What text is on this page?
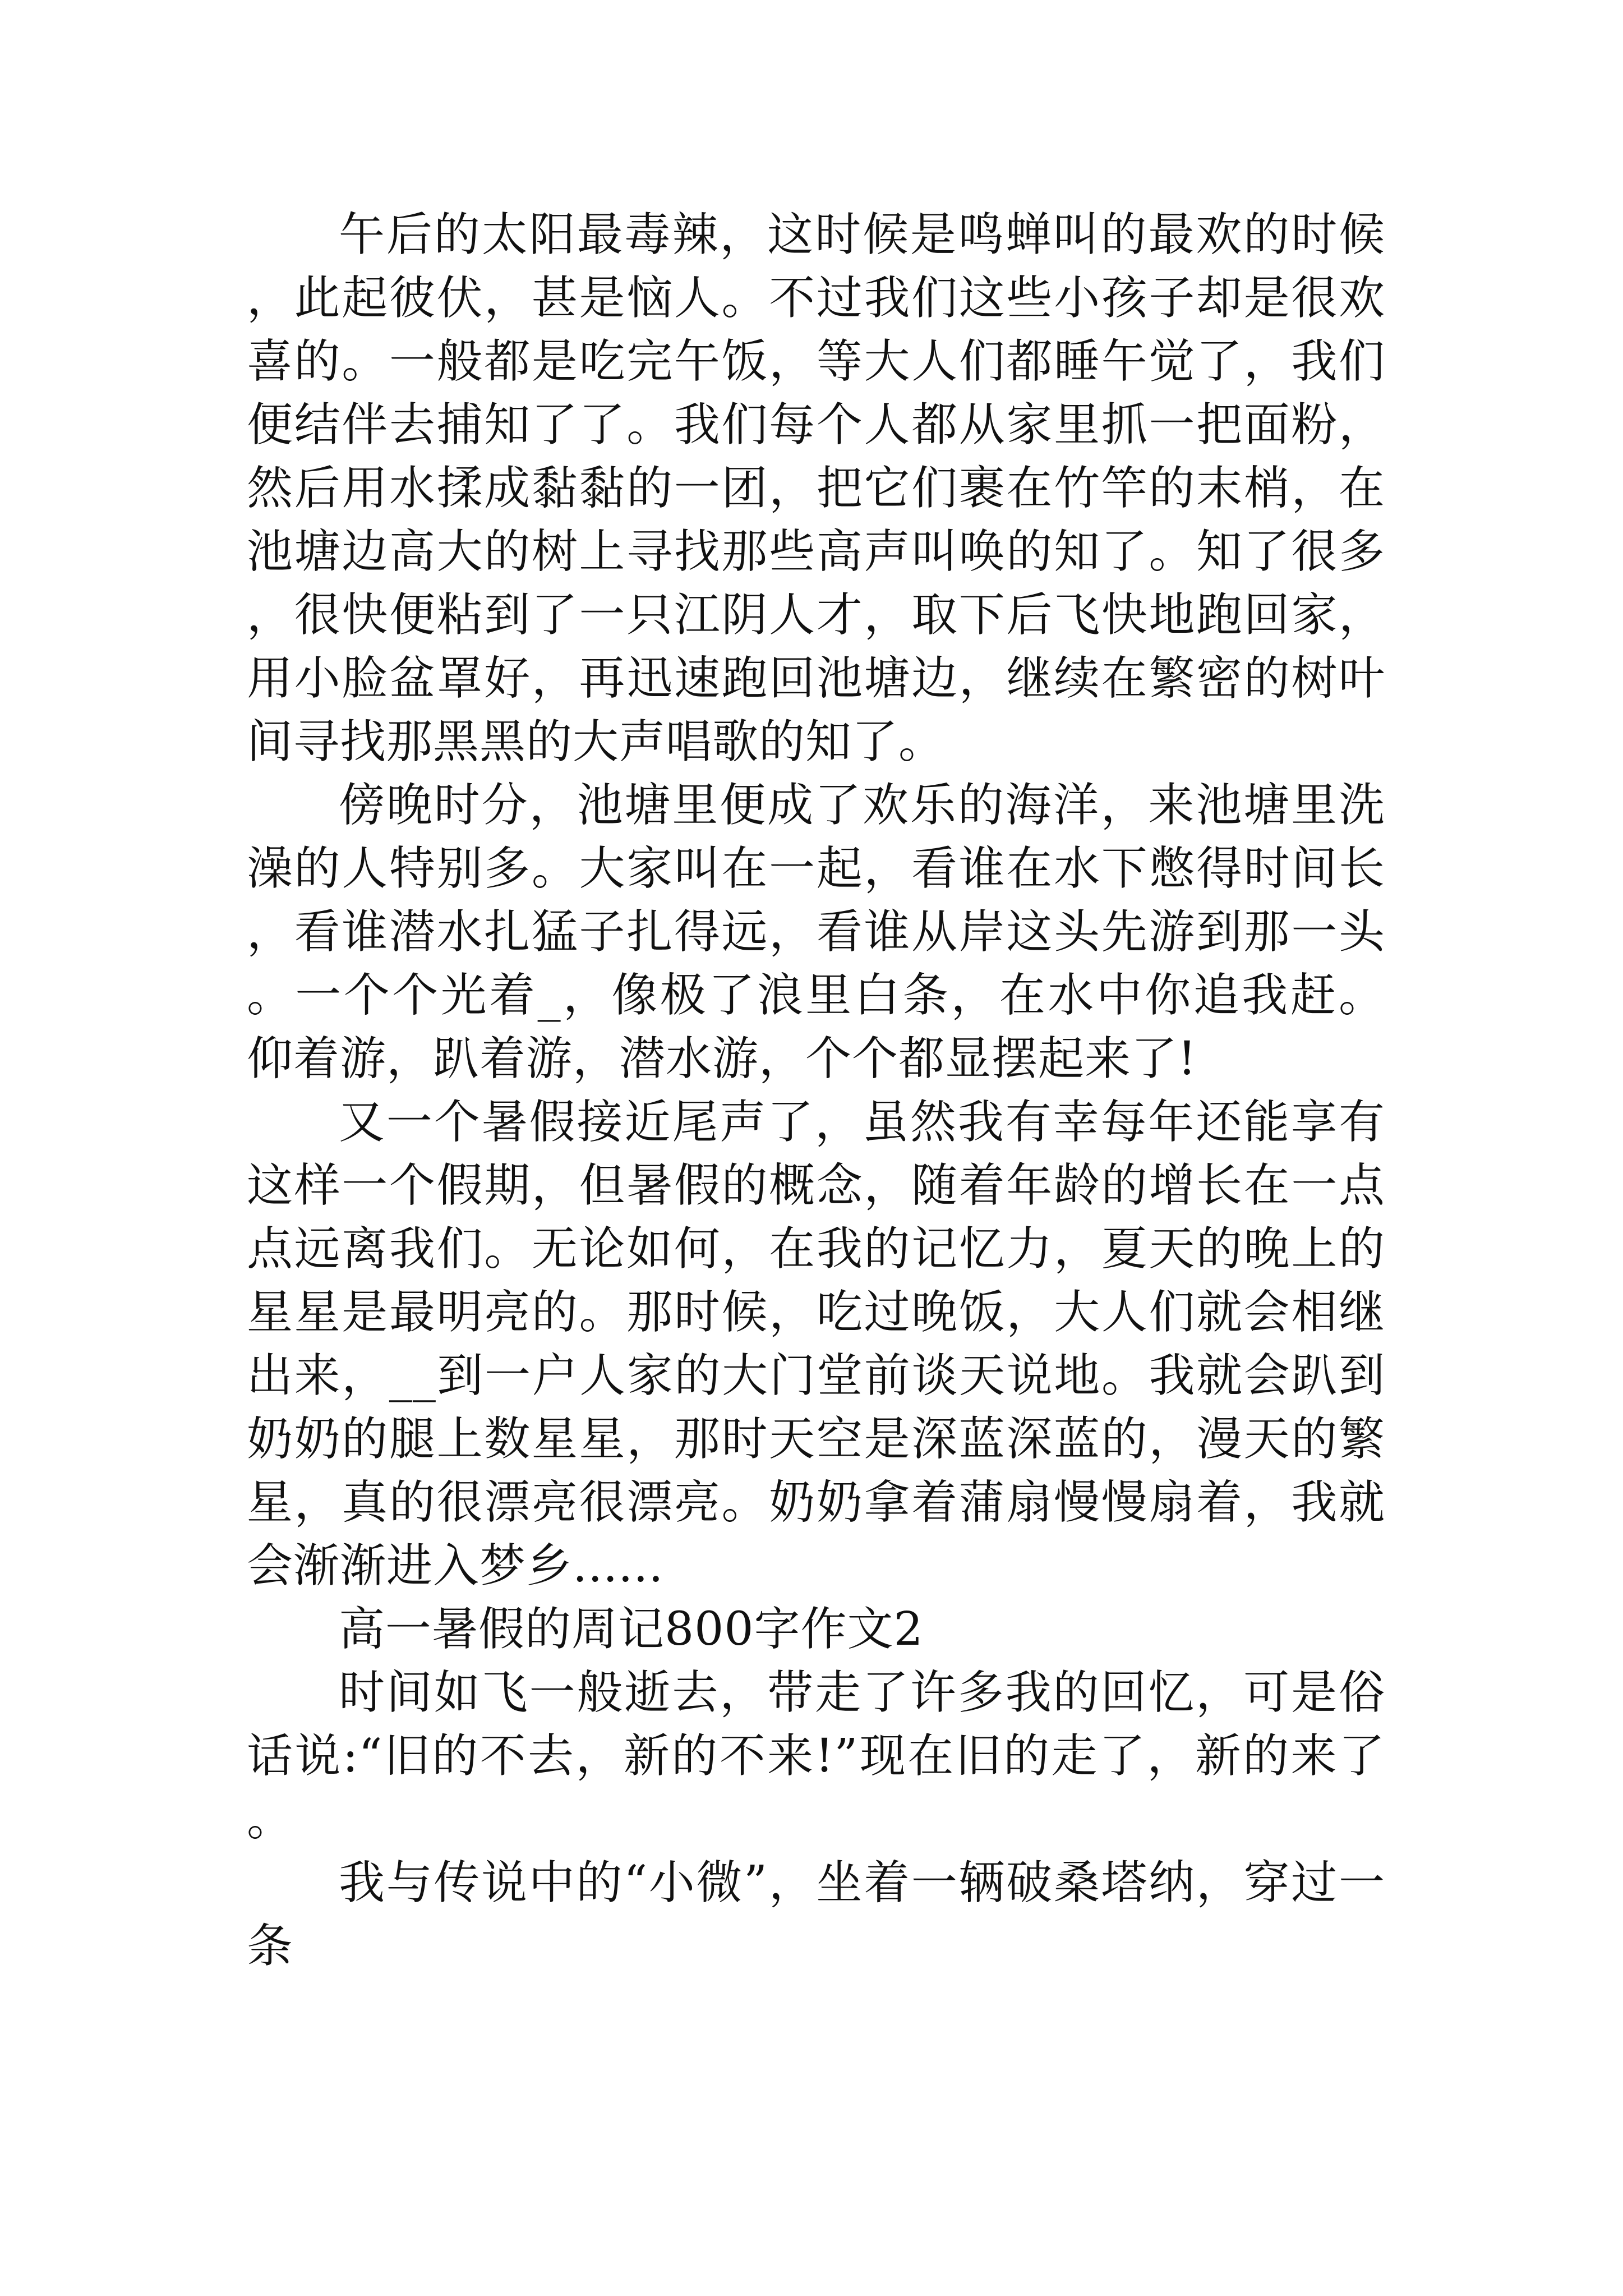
午后的太阳最毒辣，这时候是鸣蝉叫的最欢的时候，此起彼伏，甚是恼人。不过我们这些小孩子却是很欢喜的。一般都是吃完午饭，等大人们都睡午觉了，我们便结伴去捕知了了。我们每个人都从家里抓一把面粉，然后用水揉成黏黏的一团，把它们裹在竹竿的末梢，在池塘边高大的树上寻找那些高声叫唤的知了。知了很多，很快便粘到了一只江阴人才，取下后飞快地跑回家，用小脸盆罩好，再迅速跑回池塘边，继续在繁密的树叶间寻找那黑黑的大声唱歌的知了。

傍晚时分，池塘里便成了欢乐的海洋，来池塘里洗澡的人特别多。大家叫在一起，看谁在水下憋得时间长，看谁潜水扎猛子扎得远，看谁从岸这头先游到那一头。一个个光着_，像极了浪里白条，在水中你追我赶。仰着游，趴着游，潜水游，个个都显摆起来了!

又一个暑假接近尾声了，虽然我有幸每年还能享有这样一个假期，但暑假的概念，随着年龄的增长在一点点远离我们。无论如何，在我的记忆力，夏天的晚上的星星是最明亮的。那时候，吃过晚饭，大人们就会相继出来，__到一户人家的大门堂前谈天说地。我就会趴到奶奶的腿上数星星，那时天空是深蓝深蓝的，漫天的繁星，真的很漂亮很漂亮。奶奶拿着蒲扇慢慢扇着，我就会渐渐进入梦乡......

高一暑假的周记800字作文2

时间如飞一般逝去，带走了许多我的回忆，可是俗话说:“旧的不去，新的不来!”现在旧的走了，新的来了。

我与传说中的“小微”，坐着一辆破桑塔纳，穿过一条
